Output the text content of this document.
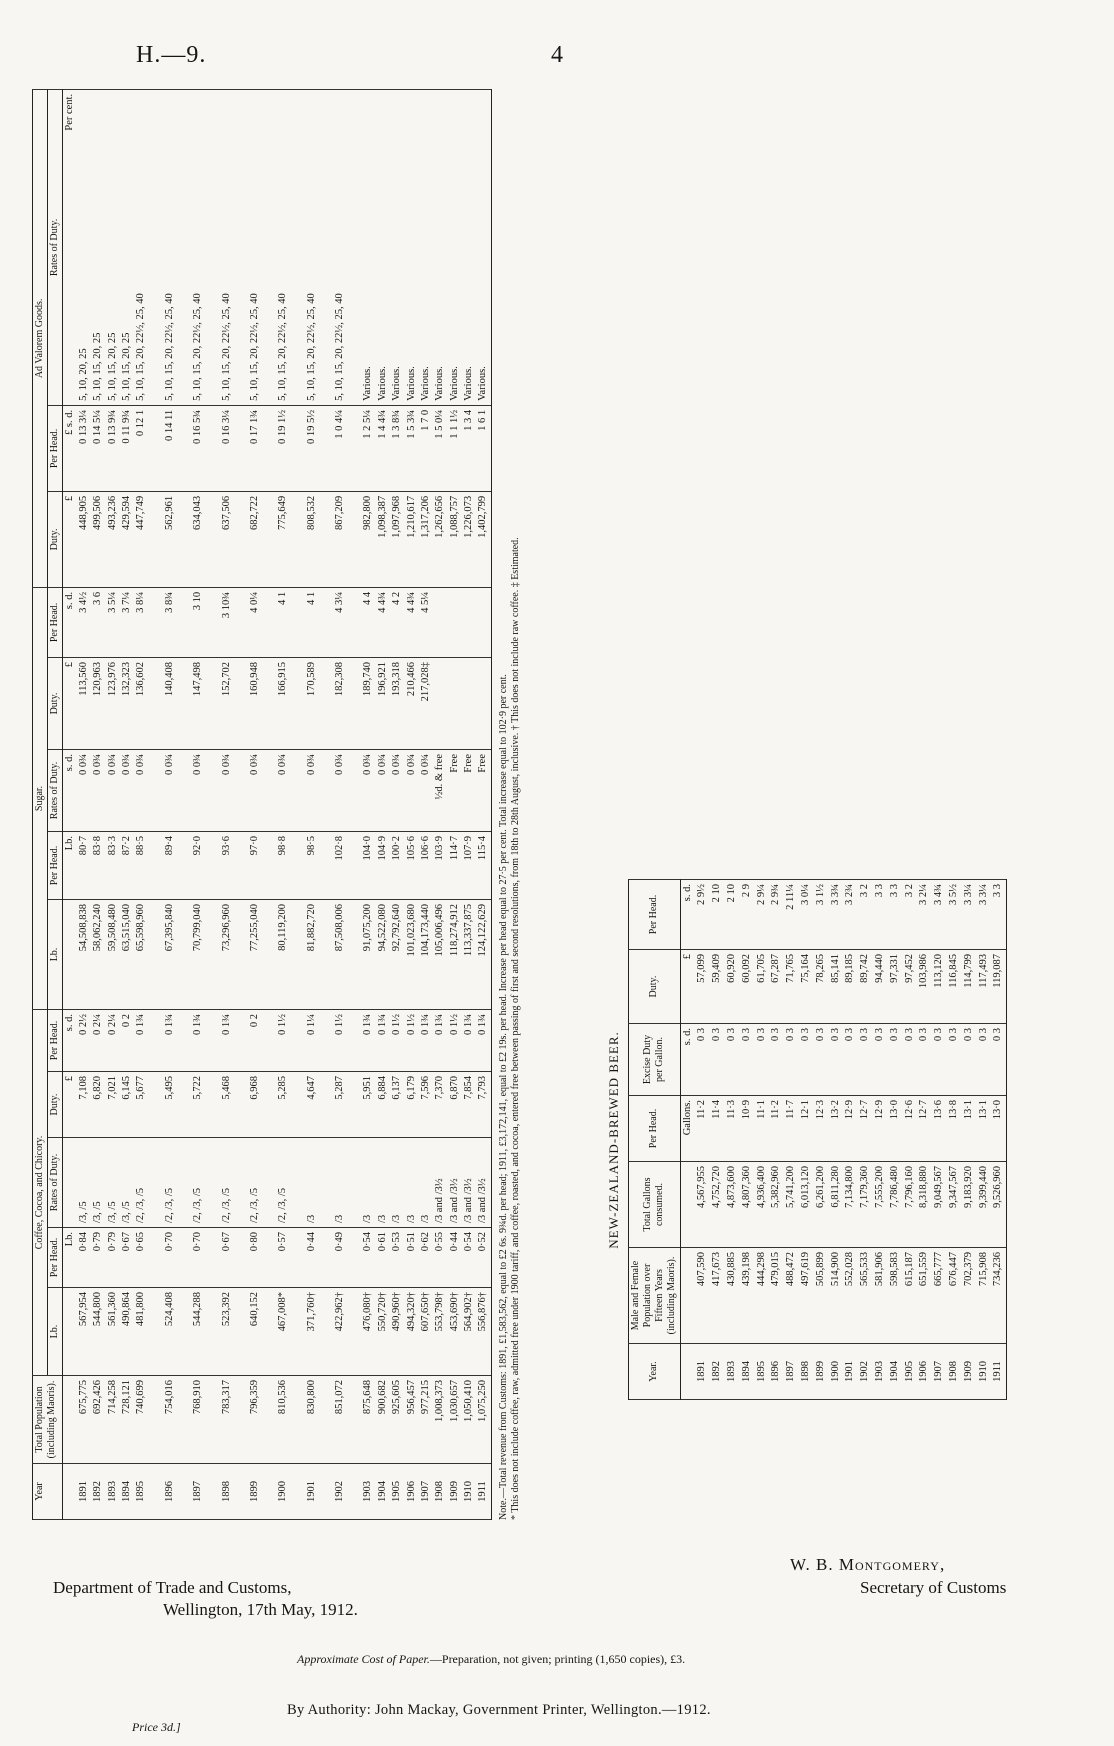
H.—9.	4
Year	Total Population (including Maoris).	Coffee, Cocoa, and Chicory.					Sugar.					Ad Valorem Goods.		
		Lb.	Per Head.	Rates of Duty.	Duty.	Per Head.	Lb.	Per Head.	Rates of Duty.	Duty.	Per Head.	Duty.	Per Head.	Rates of Duty.
			Lb.		£	s. d.		Lb.	s. d.	£	s. d.	£	£ s. d.	Per cent.
1891	675,775	567,954	0·84	/3, /5	7,108	0 2½	54,508,838	80·7	0 0¾	113,560	3 4½	448,905	0 13 3¼	5, 10, 20, 25
1892	692,426	544,800	0·79	/3, /5	6,820	0 2¼	58,062,240	83·8	0 0¾	120,963	3 6	499,506	0 14 5¼	5, 10, 15, 20, 25
1893	714,258	561,360	0·79	/3, /5	7,021	0 2¼	59,508,480	83·3	0 0¾	123,976	3 5¼	493,236	0 13 9¾	5, 10, 15, 20, 25
1894	728,121	490,864	0·67	/3, /5	6,145	0 2	63,515,040	87·2	0 0¾	132,323	3 7¼	429,594	0 11 9¾	5, 10, 15, 20, 25
1895	740,699	481,800	0·65	/2, /3, /5	5,677	0 1¾	65,598,960	88·5	0 0¾	136,602	3 8¼	447,749	0 12 1	5, 10, 15, 20, 22½, 25, 40

1896	754,016	524,408	0·70	/2, /3, /5	5,495	0 1¾	67,395,840	89·4	0 0¾	140,408	3 8¾	562,961	0 14 11	5, 10, 15, 20, 22½, 25, 40

1897	768,910	544,288	0·70	/2, /3, /5	5,722	0 1¾	70,799,040	92·0	0 0¾	147,498	3 10	634,043	0 16 5¾	5, 10, 15, 20, 22½, 25, 40

1898	783,317	523,392	0·67	/2, /3, /5	5,468	0 1¾	73,296,960	93·6	0 0¾	152,702	3 10¾	637,506	0 16 3¼	5, 10, 15, 20, 22½, 25, 40

1899	796,359	640,152	0·80	/2, /3, /5	6,968	0 2	77,255,040	97·0	0 0¾	160,948	4 0¼	682,722	0 17 1¾	5, 10, 15, 20, 22½, 25, 40

1900	810,536	467,008*	0·57	/2, /3, /5	5,285	0 1½	80,119,200	98·8	0 0¾	166,915	4 1	775,649	0 19 1½	5, 10, 15, 20, 22½, 25, 40

1901	830,800	371,760†	0·44	/3	4,647	0 1¼	81,882,720	98·5	0 0¾	170,589	4 1	808,532	0 19 5½	5, 10, 15, 20, 22½, 25, 40

1902	851,072	422,962†	0·49	/3	5,287	0 1½	87,508,006	102·8	0 0¾	182,308	4 3¼	867,209	1 0 4¼	5, 10, 15, 20, 22½, 25, 40

1903	875,648	476,080†	0·54	/3	5,951	0 1¾	91,075,200	104·0	0 0¾	189,740	4 4	982,800	1 2 5¼	Various.
1904	900,682	550,720†	0·61	/3	6,884	0 1¾	94,522,080	104·9	0 0¾	196,921	4 4¾	1,098,387	1 4 4¾	Various.
1905	925,605	490,960†	0·53	/3	6,137	0 1½	92,792,640	100·2	0 0¾	193,318	4 2	1,097,968	1 3 8¾	Various.
1906	956,457	494,320†	0·51	/3	6,179	0 1½	101,023,680	105·6	0 0¾	210,466	4 4¾	1,210,617	1 5 3¾	Various.
1907	977,215	607,650†	0·62	/3	7,596	0 1¾	104,173,440	106·6	0 0¾	217,028‡	4 5¼	1,317,206	1 7 0	Various.
1908	1,008,373	553,798†	0·55	/3 and /3½	7,370	0 1¾	105,006,496	103·9	½d. & free			1,262,656	1 5 0¼	Various.
1909	1,030,657	453,690†	0·44	/3 and /3½	6,870	0 1½	118,274,912	114·7	Free			1,088,757	1 1 1½	Various.
1910	1,050,410	564,902†	0·54	/3 and /3½	7,854	0 1¾	113,337,875	107·9	Free			1,226,073	1 3 4	Various.
1911	1,075,250	556,876†	0·52	/3 and /3½	7,793	0 1¾	124,122,629	115·4	Free			1,402,799	1 6 1	Various.
Note.—Total revenue from Customs: 1891, £1,583,562, equal to £2 6s. 9¾d. per head; 1911, £3,172,141, equal to £2 19s. per head. Increase per head equal to 27·5 per cent. Total increase equal to 102·9 per cent. * This does not include coffee, raw, admitted free under 1900 tariff, and coffee, roasted, and cocoa, entered free between passing of first and second resolutions, from 18th to 28th August, inclusive. † This does not include raw coffee. ‡ Estimated.	NEW-ZEALAND-BREWED BEER.
Year.	Male and Female Population over Fifteen Years (including Maoris).	Total Gallons consumed.	Per Head.	Excise Duty per Gallon.	Duty.	Per Head.
			Gallons.	s. d.	£	s. d.
1891	407,590	4,567,955	11·2	0 3	57,099	2 9½
1892	417,673	4,752,720	11·4	0 3	59,409	2 10
1893	430,885	4,873,600	11·3	0 3	60,920	2 10
1894	439,198	4,807,360	10·9	0 3	60,092	2 9
1895	444,298	4,936,400	11·1	0 3	61,705	2 9¼
1896	479,015	5,382,960	11·2	0 3	67,287	2 9¾
1897	488,472	5,741,200	11·7	0 3	71,765	2 11¼
1898	497,619	6,013,120	12·1	0 3	75,164	3 0¼
1899	505,899	6,261,200	12·3	0 3	78,265	3 1½
1900	514,900	6,811,280	13·2	0 3	85,141	3 3¾
1901	552,028	7,134,800	12·9	0 3	89,185	3 2¾
1902	565,533	7,179,360	12·7	0 3	89,742	3 2
1903	581,906	7,555,200	12·9	0 3	94,440	3 3
1904	598,583	7,786,480	13·0	0 3	97,331	3 3
1905	615,187	7,796,160	12·6	0 3	97,452	3 2
1906	651,559	8,318,880	12·7	0 3	103,986	3 2¼
1907	665,777	9,049,567	13·6	0 3	113,120	3 4¾
1908	676,447	9,347,567	13·8	0 3	116,845	3 5½
1909	702,379	9,183,920	13·1	0 3	114,799	3 3¼
1910	715,908	9,399,440	13·1	0 3	117,493	3 3¼
1911	734,236	9,526,960	13·0	0 3	119,087	3 3
W. B. Montgomery,
Secretary of Customs
Department of Trade and Customs,
Wellington, 17th May, 1912.
Approximate Cost of Paper.—Preparation, not given; printing (1,650 copies), £3.
By Authority: John Mackay, Government Printer, Wellington.—1912.
Price 3d.]
